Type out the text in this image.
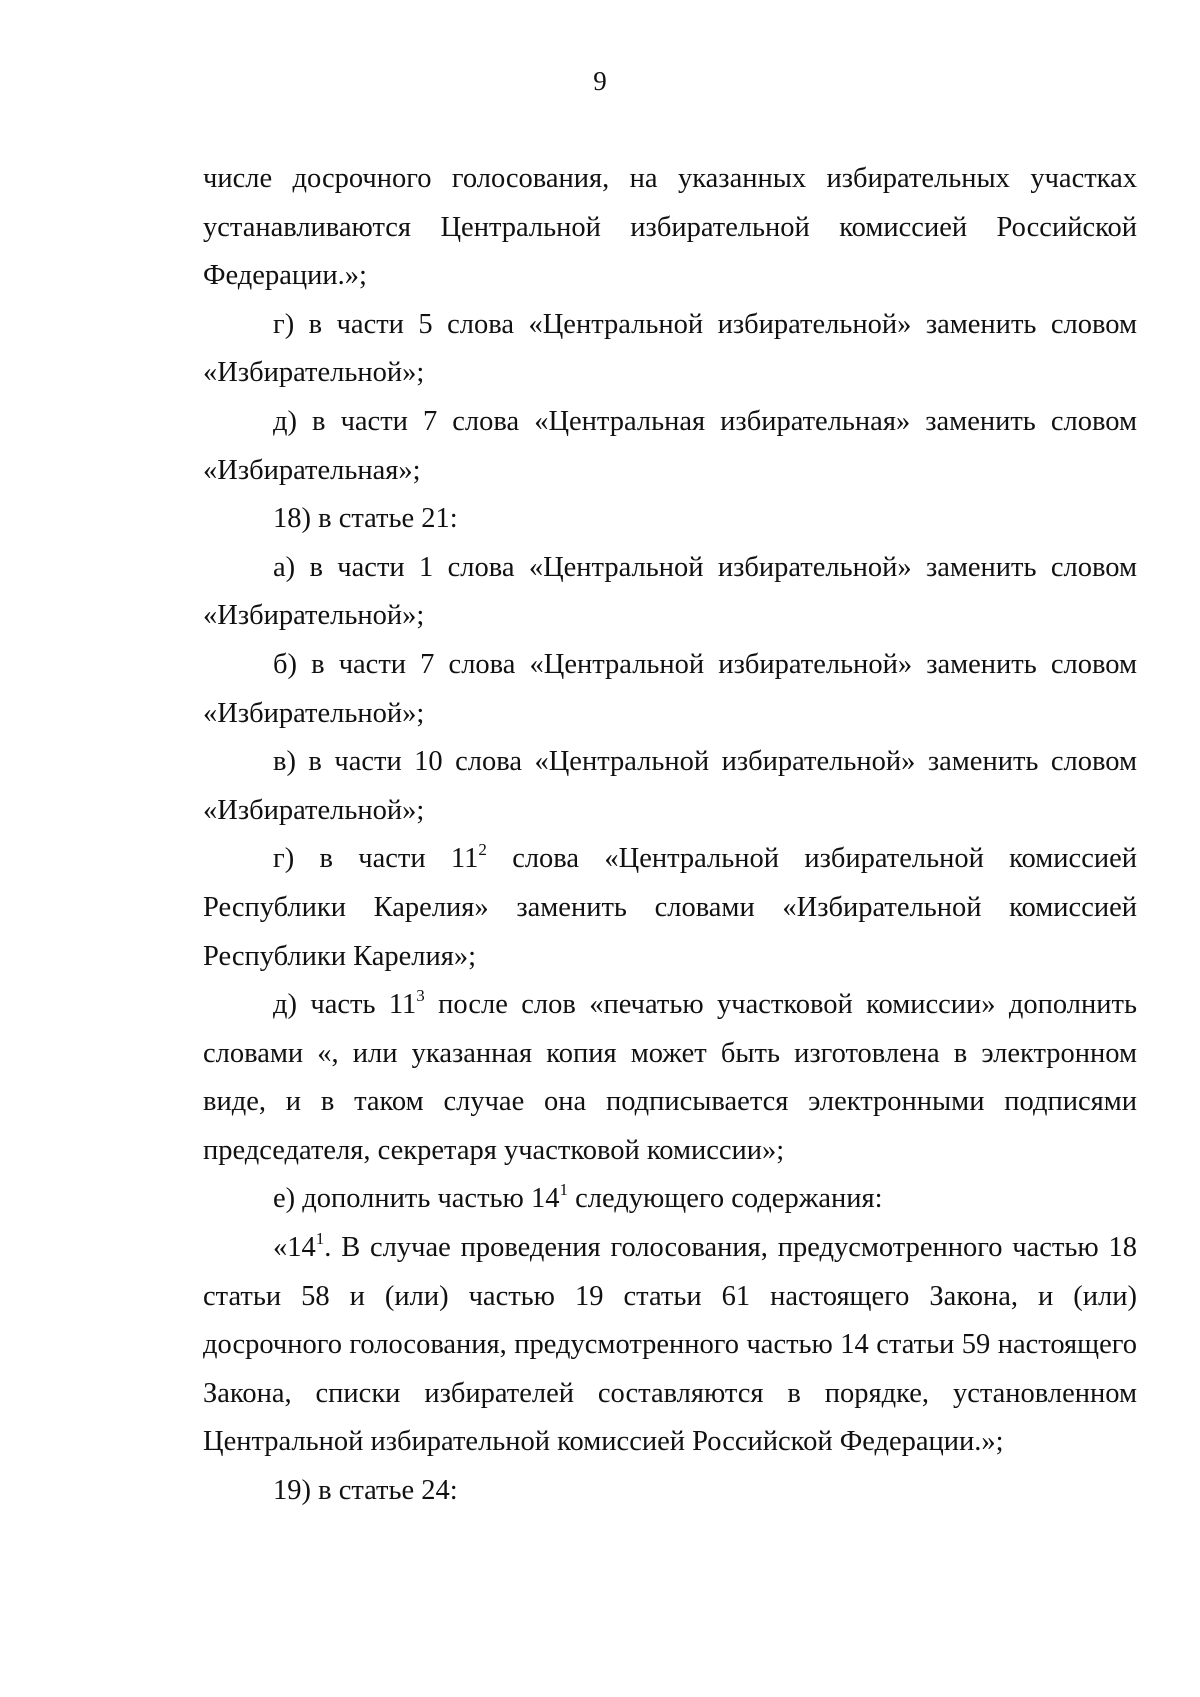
9

числе досрочного голосования, на указанных избирательных участках устанавливаются Центральной избирательной комиссией Российской Федерации.»;

г) в части 5 слова «Центральной избирательной» заменить словом «Избирательной»;

д) в части 7 слова «Центральная избирательная» заменить словом «Избирательная»;

18) в статье 21:

а) в части 1 слова «Центральной избирательной» заменить словом «Избирательной»;

б) в части 7 слова «Центральной избирательной» заменить словом «Избирательной»;

в) в части 10 слова «Центральной избирательной» заменить словом «Избирательной»;

г) в части $11^2$ слова «Центральной избирательной комиссией Республики Карелия» заменить словами «Избирательной комиссией Республики Карелия»;

д) часть $11^3$ после слов «печатью участковой комиссии» дополнить словами «, или указанная копия может быть изготовлена в электронном виде, и в таком случае она подписывается электронными подписями председателя, секретаря участковой комиссии»;

е) дополнить частью $14^1$ следующего содержания:

«$14^1$. В случае проведения голосования, предусмотренного частью 18 статьи 58 и (или) частью 19 статьи 61 настоящего Закона, и (или) досрочного голосования, предусмотренного частью 14 статьи 59 настоящего Закона, списки избирателей составляются в порядке, установленном Центральной избирательной комиссией Российской Федерации.»;

19) в статье 24:
